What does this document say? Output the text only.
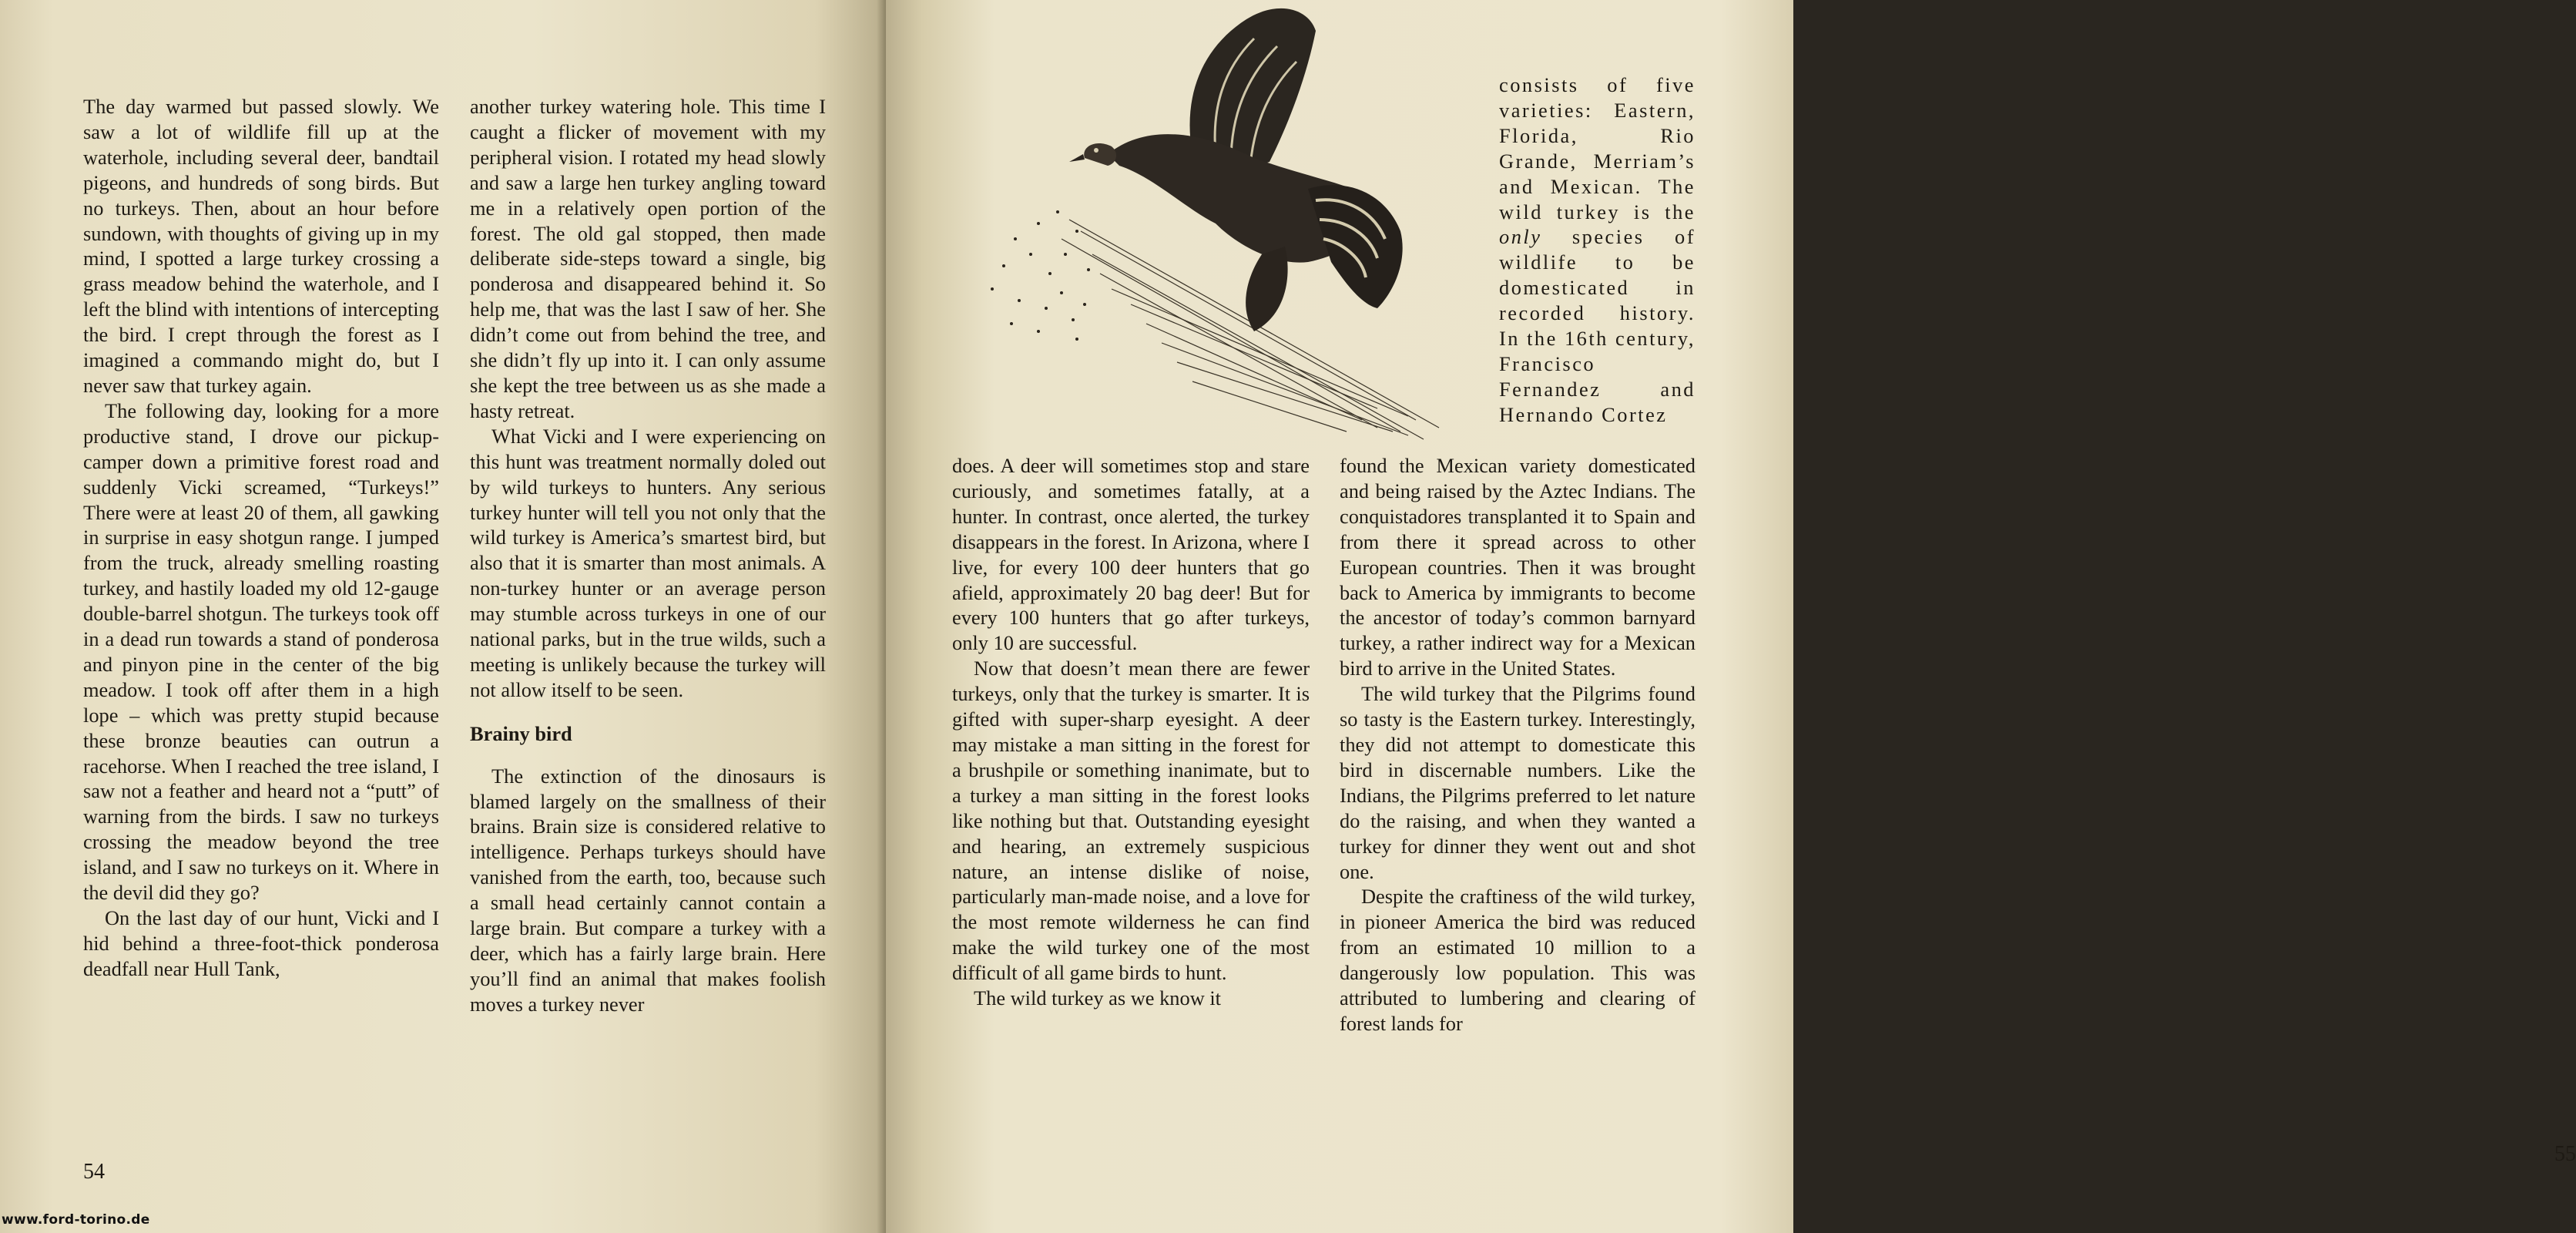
The day warmed but passed slowly. We saw a lot of wildlife fill up at the waterhole, including several deer, bandtail pigeons, and hundreds of song birds. But no turkeys. Then, about an hour before sundown, with thoughts of giving up in my mind, I spotted a large turkey crossing a grass meadow behind the waterhole, and I left the blind with intentions of intercepting the bird. I crept through the forest as I imagined a commando might do, but I never saw that turkey again.

The following day, looking for a more productive stand, I drove our pickup-camper down a primitive forest road and suddenly Vicki screamed, “Turkeys!” There were at least 20 of them, all gawking in surprise in easy shotgun range. I jumped from the truck, already smelling roasting turkey, and hastily loaded my old 12-gauge double-barrel shotgun. The turkeys took off in a dead run towards a stand of ponderosa and pinyon pine in the center of the big meadow. I took off after them in a high lope – which was pretty stupid because these bronze beauties can outrun a racehorse. When I reached the tree island, I saw not a feather and heard not a “putt” of warning from the birds. I saw no turkeys crossing the meadow beyond the tree island, and I saw no turkeys on it. Where in the devil did they go?

On the last day of our hunt, Vicki and I hid behind a three-foot-thick ponderosa deadfall near Hull Tank,

another turkey watering hole. This time I caught a flicker of movement with my peripheral vision. I rotated my head slowly and saw a large hen turkey angling toward me in a relatively open portion of the forest. The old gal stopped, then made deliberate side-steps toward a single, big ponderosa and disappeared behind it. So help me, that was the last I saw of her. She didn’t come out from behind the tree, and she didn’t fly up into it. I can only assume she kept the tree between us as she made a hasty retreat.

What Vicki and I were experiencing on this hunt was treatment normally doled out by wild turkeys to hunters. Any serious turkey hunter will tell you not only that the wild turkey is America’s smartest bird, but also that it is smarter than most animals. A non-turkey hunter or an average person may stumble across turkeys in one of our national parks, but in the true wilds, such a meeting is unlikely because the turkey will not allow itself to be seen.

Brainy bird

The extinction of the dinosaurs is blamed largely on the smallness of their brains. Brain size is considered relative to intelligence. Perhaps turkeys should have vanished from the earth, too, because such a small head certainly cannot contain a large brain. But compare a turkey with a deer, which has a fairly large brain. Here you’ll find an animal that makes foolish moves a turkey never

54
55

does. A deer will sometimes stop and stare curiously, and sometimes fatally, at a hunter. In contrast, once alerted, the turkey disappears in the forest. In Arizona, where I live, for every 100 deer hunters that go afield, approximately 20 bag deer! But for every 100 hunters that go after turkeys, only 10 are successful.

Now that doesn’t mean there are fewer turkeys, only that the turkey is smarter. It is gifted with super-sharp eyesight. A deer may mistake a man sitting in the forest for a brushpile or something inanimate, but to a turkey a man sitting in the forest looks like nothing but that. Outstanding eyesight and hearing, an extremely suspicious nature, an intense dislike of noise, particularly man-made noise, and a love for the most remote wilderness he can find make the wild turkey one of the most difficult of all game birds to hunt.

The wild turkey as we know it

consists of five varieties: Eastern, Florida, Rio Grande, Merriam’s and Mexican. The wild turkey is the only species of wildlife to be domesticated in recorded history. In the 16th century, Francisco Fernandez and Hernando Cortez

found the Mexican variety domesticated and being raised by the Aztec Indians. The conquistadores transplanted it to Spain and from there it spread across to other European countries. Then it was brought back to America by immigrants to become the ancestor of today’s common barnyard turkey, a rather indirect way for a Mexican bird to arrive in the United States.

The wild turkey that the Pilgrims found so tasty is the Eastern turkey. Interestingly, they did not attempt to domesticate this bird in discernable numbers. Like the Indians, the Pilgrims preferred to let nature do the raising, and when they wanted a turkey for dinner they went out and shot one.

Despite the craftiness of the wild turkey, in pioneer America the bird was reduced from an estimated 10 million to a dangerously low population. This was attributed to lumbering and clearing of forest lands for

www.ford-torino.de
